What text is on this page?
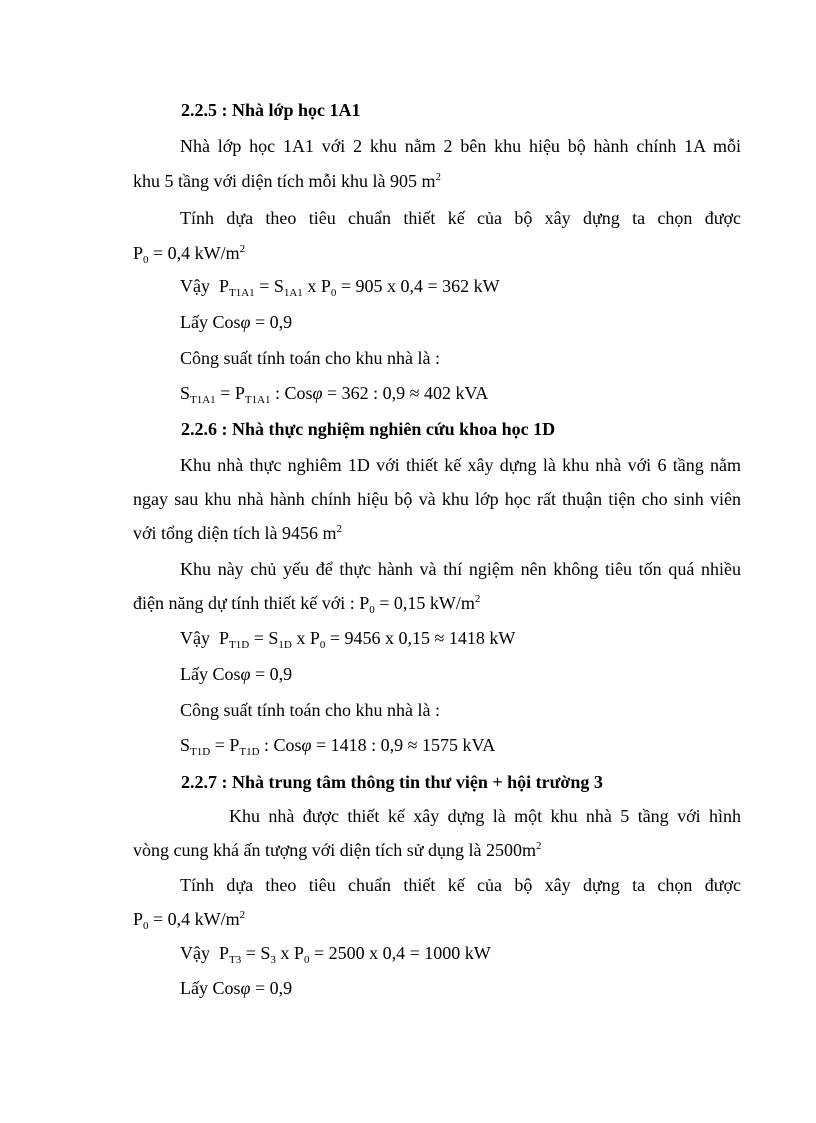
2.2.5 : Nhà lớp học 1A1
Nhà lớp học 1A1 với 2 khu nằm 2 bên khu hiệu bộ hành chính 1A mỗi
khu 5 tầng với diện tích mỗi khu là 905 $m^2$
Tính dựa theo tiêu chuẩn thiết kế của bộ xây dựng ta chọn được
$P_0 = 0,4$ $kW/m^2$
Vậy $P_{T1A1} = S_{1A1}$ x $P_0 = 905$ x 0,4 = 362 kW
Lấy Cosφ = 0,9
Công suất tính toán cho khu nhà là :
$S_{T1A1} = P_{T1A1}$ : Cosφ = 362 : 0,9 ≈ 402 kVA
2.2.6 : Nhà thực nghiệm nghiên cứu khoa học 1D
Khu nhà thực nghiêm 1D với thiết kế xây dựng là khu nhà với 6 tầng nằm
ngay sau khu nhà hành chính hiệu bộ và khu lớp học rất thuận tiện cho sinh viên
với tổng diện tích là 9456 $m^2$
Khu này chủ yếu để thực hành và thí ngiệm nên không tiêu tốn quá nhiều
điện năng dự tính thiết kế với : $P_0 = 0,15$ $kW/m^2$
Vậy $P_{T1D} = S_{1D}$ x $P_0 = 9456$ x 0,15 ≈ 1418 kW
Lấy Cosφ = 0,9
Công suất tính toán cho khu nhà là :
$S_{T1D} = P_{T1D}$ : Cosφ = 1418 : 0,9 ≈ 1575 kVA
2.2.7 : Nhà trung tâm thông tin thư viện + hội trường 3
Khu nhà được thiết kế xây dựng là một khu nhà 5 tầng với hình
vòng cung khá ấn tượng với diện tích sử dụng là $2500m^2$
Tính dựa theo tiêu chuẩn thiết kế của bộ xây dựng ta chọn được
$P_0 = 0,4$ $kW/m^2$
Vậy $P_{T3} = S_3$ x $P_0 = 2500$ x 0,4 = 1000 kW
Lấy Cosφ = 0,9
